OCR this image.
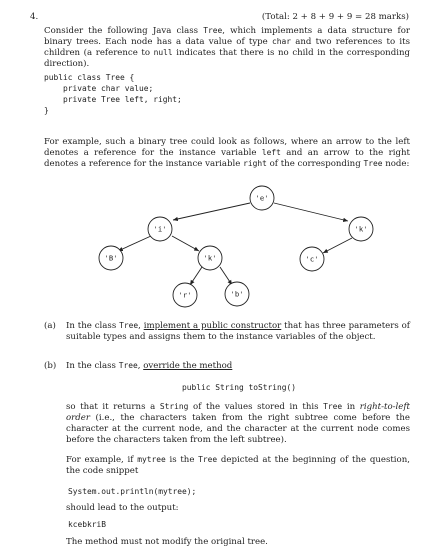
4.	(Total: 2 + 8 + 9 + 9 = 28 marks)
Consider the following Java class Tree, which implements a data structure for binary trees. Each node has a data value of type char and two references to its children (a reference to null indicates that there is no child in the corresponding direction).
public class Tree {
private char value;
private Tree left, right;
}
For example, such a binary tree could look as follows, where an arrow to the left denotes a reference for the instance variable left and an arrow to the right denotes a reference for the instance variable right of the corresponding Tree node:
'e'
'i'	'k'
'B'	'k'	'c'
'r'	'b'
(a) In the class Tree, implement a public constructor that has three parameters of suitable types and assigns them to the instance variables of the object.
(b) In the class Tree, override the method
public String toString()
so that it returns a String of the values stored in this Tree in right-to-left order (i.e., the characters taken from the right subtree come before the character at the current node, and the character at the current node comes before the characters taken from the left subtree).
For example, if mytree is the Tree depicted at the beginning of the question, the code snippet
System.out.println(mytree);
should lead to the output:
kcebkriB
The method must not modify the original tree.
